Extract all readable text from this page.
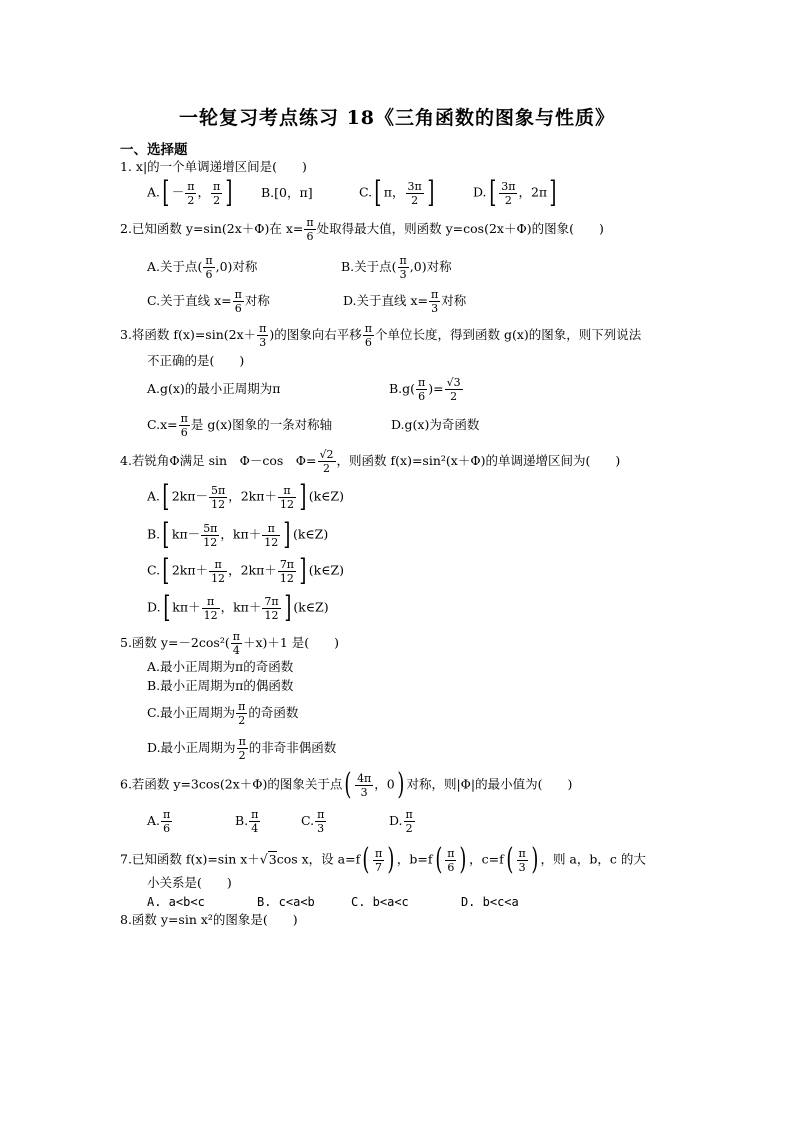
一轮复习考点练习 18《三角函数的图象与性质》
一、选择题
1. x|的一个单调递增区间是(　　)
$A.[ - \frac{\pi}{2}$ ， $\frac{\pi}{2}$ ] B.[0，π]	C.[ π， $\frac{3\pi}{2}$ ]	$D.[ \frac{3\pi}{2}$ ，2π]
2.已知函数 y=sin(2x＋Φ)在 $x= \frac{\pi}{6}$ 处取得最大值，则函数 y=cos(2x＋Φ)的图象(　　)
A.关于点( $\frac{\pi}{6} ,0$)对称	B.关于点( $\frac{\pi}{3} ,0$)对称
C.关于直线 $x= \frac{\pi}{6}$ 对称	D.关于直线 $x= \frac{\pi}{3}$ 对称
3.将函数 $f(x)=\sin(2x+ \frac{\pi}{3}$ )的图象向右平移 $\frac{\pi}{6}$ 个单位长度，得到函数 g(x)的图象，则下列说法
不正确的是(　　)
A.g(x)的最小正周期为π	$B.g( \frac{\pi}{6}$ )= $\frac{√3}{2}$
$C.x= \frac{\pi}{6}$ 是 g(x)图象的一条对称轴	D.g(x)为奇函数
4.若锐角Φ满足 sin　Φ－cos　$\Phi= \frac{√2}{2}$ ，则函数 f(x)=sin²(x＋Φ)的单调递增区间为(　　)
A.[ $2k\pi- \frac{5\pi}{12}$ ，$2k\pi+ \frac{\pi}{12}$ ] (k∈Z)
B.[ $k\pi- \frac{5\pi}{12}$ ，$k\pi+ \frac{\pi}{12}$ ] (k∈Z)
C.[ $2k\pi+ \frac{\pi}{12}$ ，$2k\pi+ \frac{7\pi}{12}$ ] (k∈Z)
D.[ $k\pi+ \frac{\pi}{12}$ ，$k\pi+ \frac{7\pi}{12}$ ] (k∈Z)
5.函数 $y=-2\cos^2( \frac{\pi}{4} +x)+1$ 是(　　)
A.最小正周期为π的奇函数
B.最小正周期为π的偶函数
C.最小正周期为 $\frac{\pi}{2}$ 的奇函数
D.最小正周期为 $\frac{\pi}{2}$ 的非奇非偶函数
6.若函数 y=3cos(2x＋Φ)的图象关于点( $\frac{4\pi}{3}$ ，0) 对称，则|Φ|的最小值为(　　)
A. $\frac{\pi}{6}$	B. $\frac{\pi}{4}$	C. $\frac{\pi}{3}$	D. $\frac{\pi}{2}$
7.已知函数 f(x)=sin x＋√3cos x，设 $a=f( \frac{\pi}{7}$ ) ，$b=f( \frac{\pi}{6}$ ) ，$c=f( \frac{\pi}{3}$ ) ，则 a，b，c 的大
小关系是(　　)
A. a<b<c	B. c<a<b	C. b<a<c	D. b<c<a
8.函数 y=sin x²的图象是(　　)
